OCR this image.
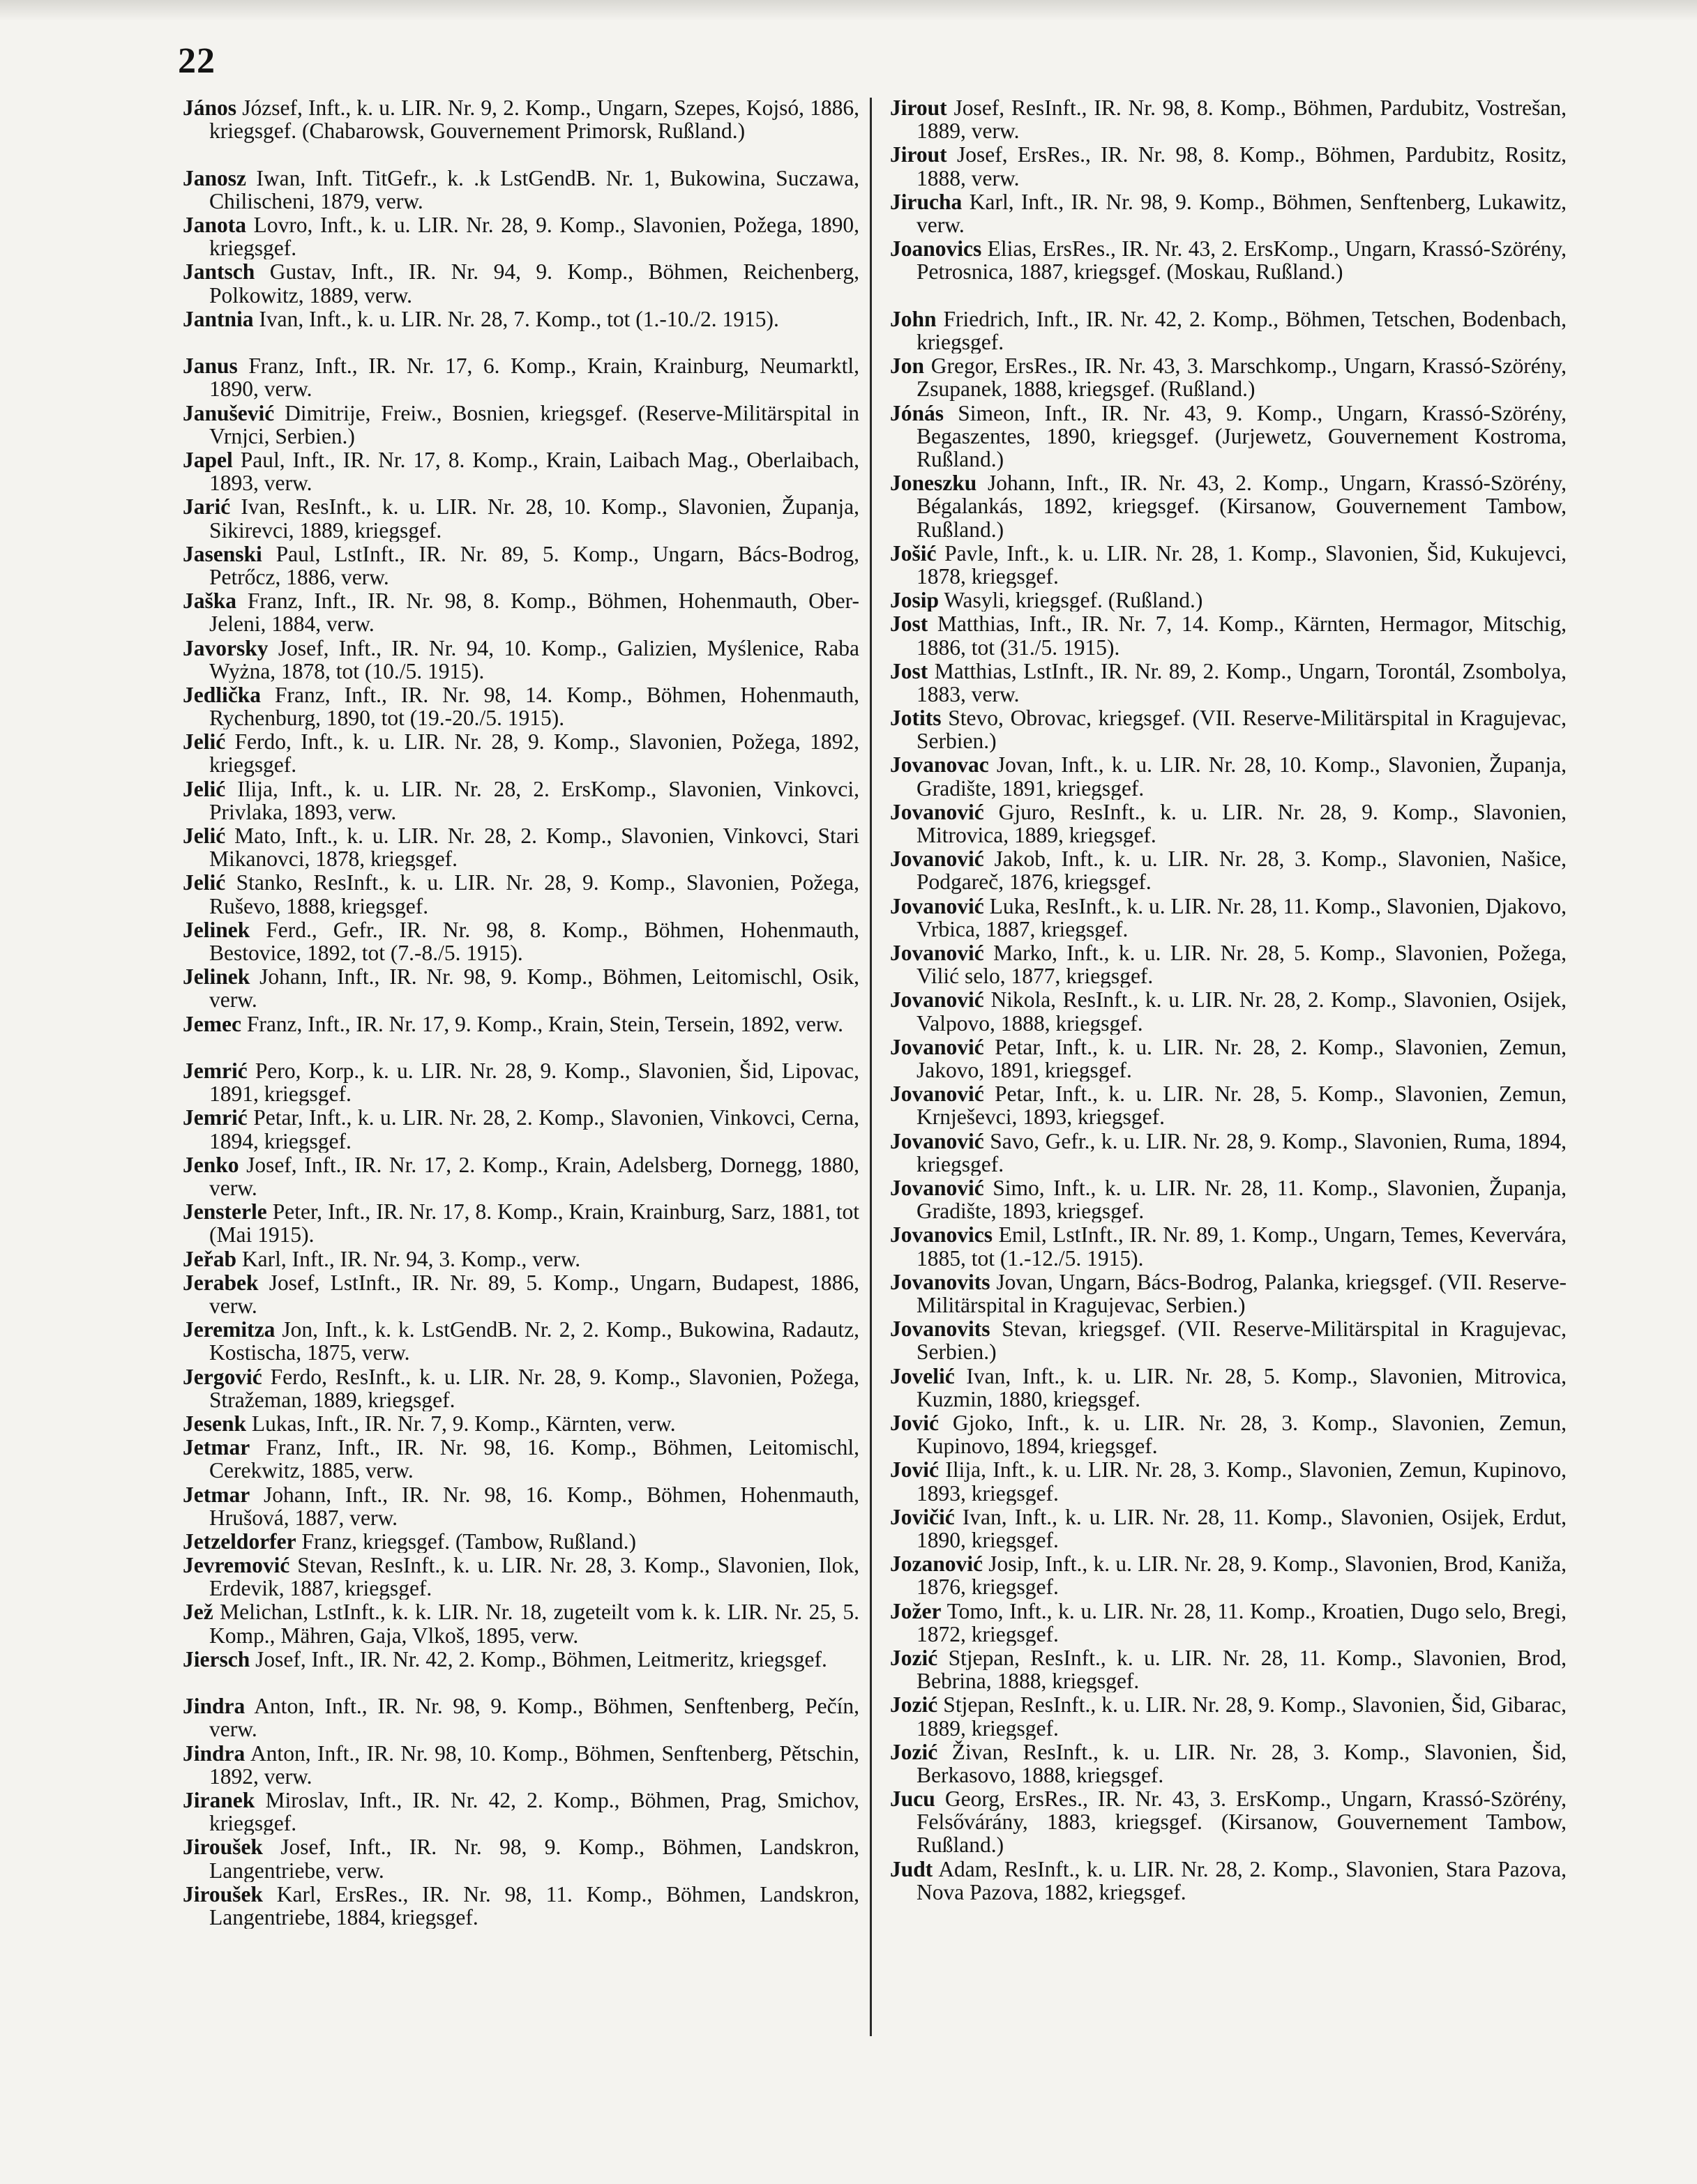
22

János József, Inft., k. u. LIR. Nr. 9, 2. Komp., Ungarn, Szepes, Kojsó, 1886, kriegsgef. (Chabarowsk, Gouvernement Primorsk, Rußland.)

Janosz Iwan, Inft. TitGefr., k. .k LstGendB. Nr. 1, Bukowina, Suczawa, Chilischeni, 1879, verw.

Janota Lovro, Inft., k. u. LIR. Nr. 28, 9. Komp., Slavonien, Požega, 1890, kriegsgef.

Jantsch Gustav, Inft., IR. Nr. 94, 9. Komp., Böhmen, Reichenberg, Polkowitz, 1889, verw.

Jantnia Ivan, Inft., k. u. LIR. Nr. 28, 7. Komp., tot (1.-10./2. 1915).

Janus Franz, Inft., IR. Nr. 17, 6. Komp., Krain, Krainburg, Neumarktl, 1890, verw.

Janušević Dimitrije, Freiw., Bosnien, kriegsgef. (Reserve-Militärspital in Vrnjci, Serbien.)

Japel Paul, Inft., IR. Nr. 17, 8. Komp., Krain, Laibach Mag., Oberlaibach, 1893, verw.

Jarić Ivan, ResInft., k. u. LIR. Nr. 28, 10. Komp., Slavonien, Županja, Sikirevci, 1889, kriegsgef.

Jasenski Paul, LstInft., IR. Nr. 89, 5. Komp., Ungarn, Bács-Bodrog, Petrőcz, 1886, verw.

Jaška Franz, Inft., IR. Nr. 98, 8. Komp., Böhmen, Hohenmauth, Ober-Jeleni, 1884, verw.

Javorsky Josef, Inft., IR. Nr. 94, 10. Komp., Galizien, Myślenice, Raba Wyżna, 1878, tot (10./5. 1915).

Jedlička Franz, Inft., IR. Nr. 98, 14. Komp., Böhmen, Hohenmauth, Rychenburg, 1890, tot (19.-20./5. 1915).

Jelić Ferdo, Inft., k. u. LIR. Nr. 28, 9. Komp., Slavonien, Požega, 1892, kriegsgef.

Jelić Ilija, Inft., k. u. LIR. Nr. 28, 2. ErsKomp., Slavonien, Vinkovci, Privlaka, 1893, verw.

Jelić Mato, Inft., k. u. LIR. Nr. 28, 2. Komp., Slavonien, Vinkovci, Stari Mikanovci, 1878, kriegsgef.

Jelić Stanko, ResInft., k. u. LIR. Nr. 28, 9. Komp., Slavonien, Požega, Ruševo, 1888, kriegsgef.

Jelinek Ferd., Gefr., IR. Nr. 98, 8. Komp., Böhmen, Hohenmauth, Bestovice, 1892, tot (7.-8./5. 1915).

Jelinek Johann, Inft., IR. Nr. 98, 9. Komp., Böhmen, Leitomischl, Osik, verw.

Jemec Franz, Inft., IR. Nr. 17, 9. Komp., Krain, Stein, Tersein, 1892, verw.

Jemrić Pero, Korp., k. u. LIR. Nr. 28, 9. Komp., Slavonien, Šid, Lipovac, 1891, kriegsgef.

Jemrić Petar, Inft., k. u. LIR. Nr. 28, 2. Komp., Slavonien, Vinkovci, Cerna, 1894, kriegsgef.

Jenko Josef, Inft., IR. Nr. 17, 2. Komp., Krain, Adelsberg, Dornegg, 1880, verw.

Jensterle Peter, Inft., IR. Nr. 17, 8. Komp., Krain, Krainburg, Sarz, 1881, tot (Mai 1915).

Jeřab Karl, Inft., IR. Nr. 94, 3. Komp., verw.

Jerabek Josef, LstInft., IR. Nr. 89, 5. Komp., Ungarn, Budapest, 1886, verw.

Jeremitza Jon, Inft., k. k. LstGendB. Nr. 2, 2. Komp., Bukowina, Radautz, Kostischa, 1875, verw.

Jergović Ferdo, ResInft., k. u. LIR. Nr. 28, 9. Komp., Slavonien, Požega, Stražeman, 1889, kriegsgef.

Jesenk Lukas, Inft., IR. Nr. 7, 9. Komp., Kärnten, verw.

Jetmar Franz, Inft., IR. Nr. 98, 16. Komp., Böhmen, Leitomischl, Cerekwitz, 1885, verw.

Jetmar Johann, Inft., IR. Nr. 98, 16. Komp., Böhmen, Hohenmauth, Hrušová, 1887, verw.

Jetzeldorfer Franz, kriegsgef. (Tambow, Rußland.)

Jevremović Stevan, ResInft., k. u. LIR. Nr. 28, 3. Komp., Slavonien, Ilok, Erdevik, 1887, kriegsgef.

Jež Melichan, LstInft., k. k. LIR. Nr. 18, zugeteilt vom k. k. LIR. Nr. 25, 5. Komp., Mähren, Gaja, Vlkoš, 1895, verw.

Jiersch Josef, Inft., IR. Nr. 42, 2. Komp., Böhmen, Leitmeritz, kriegsgef.

Jindra Anton, Inft., IR. Nr. 98, 9. Komp., Böhmen, Senftenberg, Pečín, verw.

Jindra Anton, Inft., IR. Nr. 98, 10. Komp., Böhmen, Senftenberg, Pětschin, 1892, verw.

Jiranek Miroslav, Inft., IR. Nr. 42, 2. Komp., Böhmen, Prag, Smichov, kriegsgef.

Jiroušek Josef, Inft., IR. Nr. 98, 9. Komp., Böhmen, Landskron, Langentriebe, verw.

Jiroušek Karl, ErsRes., IR. Nr. 98, 11. Komp., Böhmen, Landskron, Langentriebe, 1884, kriegsgef.

Jirout Josef, ResInft., IR. Nr. 98, 8. Komp., Böhmen, Pardubitz, Vostrešan, 1889, verw.

Jirout Josef, ErsRes., IR. Nr. 98, 8. Komp., Böhmen, Pardubitz, Rositz, 1888, verw.

Jirucha Karl, Inft., IR. Nr. 98, 9. Komp., Böhmen, Senftenberg, Lukawitz, verw.

Joanovics Elias, ErsRes., IR. Nr. 43, 2. ErsKomp., Ungarn, Krassó-Szörény, Petrosnica, 1887, kriegsgef. (Moskau, Rußland.)

John Friedrich, Inft., IR. Nr. 42, 2. Komp., Böhmen, Tetschen, Bodenbach, kriegsgef.

Jon Gregor, ErsRes., IR. Nr. 43, 3. Marschkomp., Ungarn, Krassó-Szörény, Zsupanek, 1888, kriegsgef. (Rußland.)

Jónás Simeon, Inft., IR. Nr. 43, 9. Komp., Ungarn, Krassó-Szörény, Begaszentes, 1890, kriegsgef. (Jurjewetz, Gouvernement Kostroma, Rußland.)

Joneszku Johann, Inft., IR. Nr. 43, 2. Komp., Ungarn, Krassó-Szörény, Bégalankás, 1892, kriegsgef. (Kirsanow, Gouvernement Tambow, Rußland.)

Jošić Pavle, Inft., k. u. LIR. Nr. 28, 1. Komp., Slavonien, Šid, Kukujevci, 1878, kriegsgef.

Josip Wasyli, kriegsgef. (Rußland.)

Jost Matthias, Inft., IR. Nr. 7, 14. Komp., Kärnten, Hermagor, Mitschig, 1886, tot (31./5. 1915).

Jost Matthias, LstInft., IR. Nr. 89, 2. Komp., Ungarn, Torontál, Zsombolya, 1883, verw.

Jotits Stevo, Obrovac, kriegsgef. (VII. Reserve-Militärspital in Kragujevac, Serbien.)

Jovanovac Jovan, Inft., k. u. LIR. Nr. 28, 10. Komp., Slavonien, Županja, Gradište, 1891, kriegsgef.

Jovanović Gjuro, ResInft., k. u. LIR. Nr. 28, 9. Komp., Slavonien, Mitrovica, 1889, kriegsgef.

Jovanović Jakob, Inft., k. u. LIR. Nr. 28, 3. Komp., Slavonien, Našice, Podgareč, 1876, kriegsgef.

Jovanović Luka, ResInft., k. u. LIR. Nr. 28, 11. Komp., Slavonien, Djakovo, Vrbica, 1887, kriegsgef.

Jovanović Marko, Inft., k. u. LIR. Nr. 28, 5. Komp., Slavonien, Požega, Vilić selo, 1877, kriegsgef.

Jovanović Nikola, ResInft., k. u. LIR. Nr. 28, 2. Komp., Slavonien, Osijek, Valpovo, 1888, kriegsgef.

Jovanović Petar, Inft., k. u. LIR. Nr. 28, 2. Komp., Slavonien, Zemun, Jakovo, 1891, kriegsgef.

Jovanović Petar, Inft., k. u. LIR. Nr. 28, 5. Komp., Slavonien, Zemun, Krnješevci, 1893, kriegsgef.

Jovanović Savo, Gefr., k. u. LIR. Nr. 28, 9. Komp., Slavonien, Ruma, 1894, kriegsgef.

Jovanović Simo, Inft., k. u. LIR. Nr. 28, 11. Komp., Slavonien, Županja, Gradište, 1893, kriegsgef.

Jovanovics Emil, LstInft., IR. Nr. 89, 1. Komp., Ungarn, Temes, Kevervára, 1885, tot (1.-12./5. 1915).

Jovanovits Jovan, Ungarn, Bács-Bodrog, Palanka, kriegsgef. (VII. Reserve-Militärspital in Kragujevac, Serbien.)

Jovanovits Stevan, kriegsgef. (VII. Reserve-Militärspital in Kragujevac, Serbien.)

Jovelić Ivan, Inft., k. u. LIR. Nr. 28, 5. Komp., Slavonien, Mitrovica, Kuzmin, 1880, kriegsgef.

Jović Gjoko, Inft., k. u. LIR. Nr. 28, 3. Komp., Slavonien, Zemun, Kupinovo, 1894, kriegsgef.

Jović Ilija, Inft., k. u. LIR. Nr. 28, 3. Komp., Slavonien, Zemun, Kupinovo, 1893, kriegsgef.

Jovičić Ivan, Inft., k. u. LIR. Nr. 28, 11. Komp., Slavonien, Osijek, Erdut, 1890, kriegsgef.

Jozanović Josip, Inft., k. u. LIR. Nr. 28, 9. Komp., Slavonien, Brod, Kaniža, 1876, kriegsgef.

Jožer Tomo, Inft., k. u. LIR. Nr. 28, 11. Komp., Kroatien, Dugo selo, Bregi, 1872, kriegsgef.

Jozić Stjepan, ResInft., k. u. LIR. Nr. 28, 11. Komp., Slavonien, Brod, Bebrina, 1888, kriegsgef.

Jozić Stjepan, ResInft., k. u. LIR. Nr. 28, 9. Komp., Slavonien, Šid, Gibarac, 1889, kriegsgef.

Jozić Živan, ResInft., k. u. LIR. Nr. 28, 3. Komp., Slavonien, Šid, Berkasovo, 1888, kriegsgef.

Jucu Georg, ErsRes., IR. Nr. 43, 3. ErsKomp., Ungarn, Krassó-Szörény, Felsővárány, 1883, kriegsgef. (Kirsanow, Gouvernement Tambow, Rußland.)

Judt Adam, ResInft., k. u. LIR. Nr. 28, 2. Komp., Slavonien, Stara Pazova, Nova Pazova, 1882, kriegsgef.
